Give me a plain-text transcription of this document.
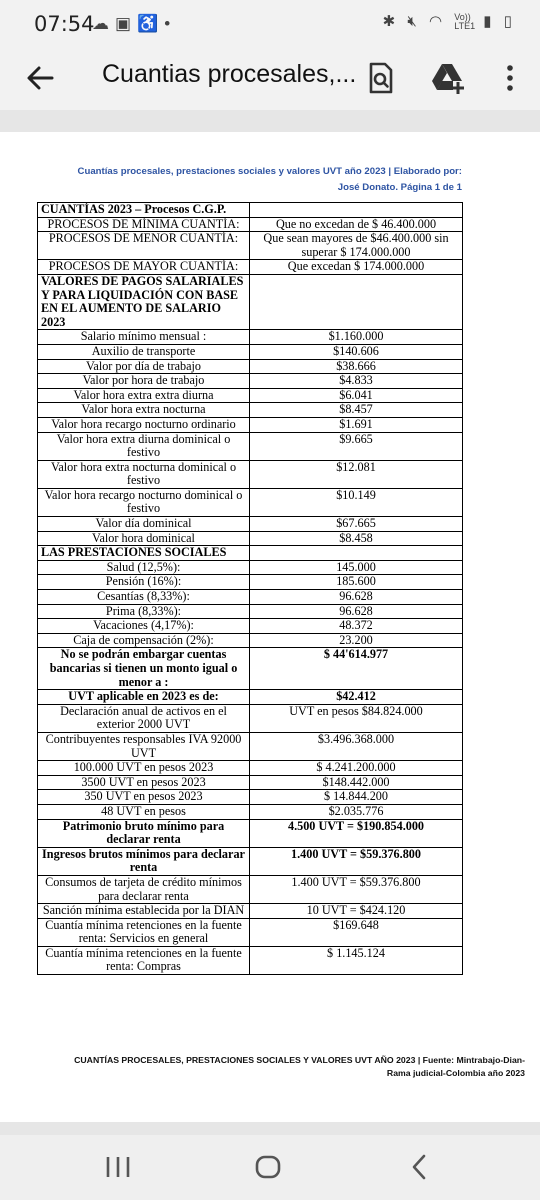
07:54
☁▣♿•	✱ 🔇︎ ◠ Vo))
LTE1 ▮ ▯
Cuantias procesales,...
Cuantías procesales, prestaciones sociales y valores UVT año 2023 | Elaborado por: José Donato. Página 1 de 1
CUANTÍAS 2023 – Procesos C.G.P.	
PROCESOS DE MÍNIMA CUANTÍA:	Que no excedan de $ 46.400.000
PROCESOS DE MENOR CUANTÍA:	Que sean mayores de $46.400.000 sin superar $ 174.000.000
PROCESOS DE MAYOR CUANTÍA:	Que excedan $ 174.000.000
VALORES DE PAGOS SALARIALES Y PARA LIQUIDACIÓN CON BASE EN EL AUMENTO DE SALARIO 2023	
Salario mínimo mensual :	$1.160.000
Auxilio de transporte	$140.606
Valor por día de trabajo	$38.666
Valor por hora de trabajo	$4.833
Valor hora extra extra diurna	$6.041
Valor hora extra nocturna	$8.457
Valor hora recargo nocturno ordinario	$1.691
Valor hora extra diurna dominical o festivo	$9.665
Valor hora extra nocturna dominical o festivo	$12.081
Valor hora recargo nocturno dominical o festivo	$10.149
Valor día dominical	$67.665
Valor hora dominical	$8.458
LAS PRESTACIONES SOCIALES	
Salud (12,5%):	145.000
Pensión (16%):	185.600
Cesantías (8,33%):	96.628
Prima (8,33%):	96.628
Vacaciones (4,17%):	48.372
Caja de compensación (2%):	23.200
No se podrán embargar cuentas bancarias si tienen un monto igual o menor a :	$ 44'614.977
UVT aplicable en 2023 es de:	$42.412
Declaración anual de activos en el exterior 2000 UVT	UVT en pesos $84.824.000
Contribuyentes responsables IVA 92000 UVT	$3.496.368.000
100.000 UVT en pesos 2023	$ 4.241.200.000
3500 UVT en pesos 2023	$148.442.000
350 UVT en pesos 2023	$ 14.844.200
48 UVT en pesos	$2.035.776
Patrimonio bruto mínimo para declarar renta	4.500 UVT = $190.854.000
Ingresos brutos mínimos para declarar renta	1.400 UVT = $59.376.800
Consumos de tarjeta de crédito mínimos para declarar renta	1.400 UVT = $59.376.800
Sanción mínima establecida por la DIAN	10 UVT = $424.120
Cuantía mínima retenciones en la fuente renta: Servicios en general	$169.648
Cuantía mínima retenciones en la fuente renta: Compras	$ 1.145.124
CUANTÍAS PROCESALES, PRESTACIONES SOCIALES Y VALORES UVT AÑO 2023 | Fuente: Mintrabajo-Dian-Rama judicial-Colombia año 2023
